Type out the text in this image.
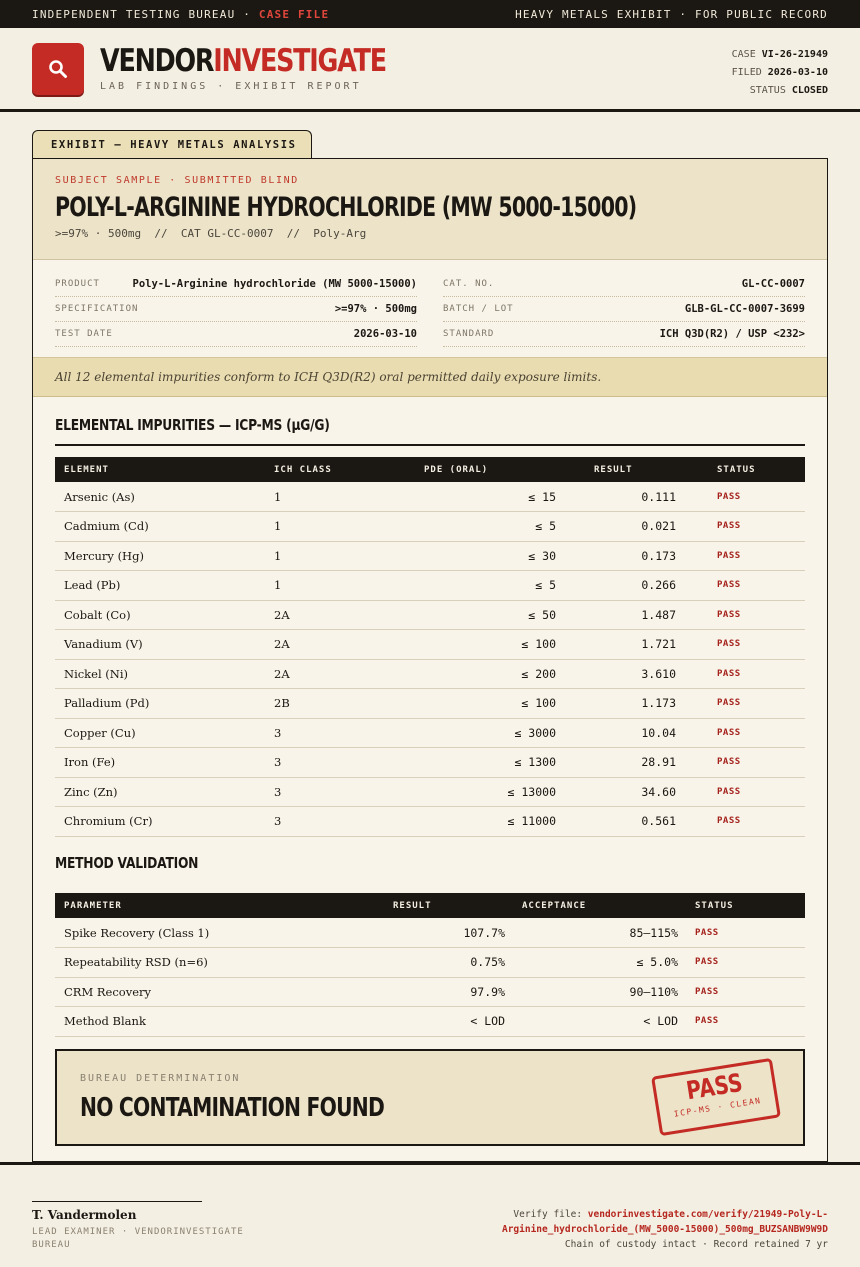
INDEPENDENT TESTING BUREAU · CASE FILE	HEAVY METALS EXHIBIT · FOR PUBLIC RECORD
VENDORINVESTIGATE
LAB FINDINGS · EXHIBIT REPORT
CASE VI-26-21949
FILED 2026-03-10
STATUS CLOSED
EXHIBIT — HEAVY METALS ANALYSIS
SUBJECT SAMPLE · SUBMITTED BLIND
POLY-L-ARGININE HYDROCHLORIDE (MW 5000-15000)
>=97% · 500mg  //  CAT GL-CC-0007  //  Poly-Arg
PRODUCT	Poly-L-Arginine hydrochloride (MW 5000-15000)
SPECIFICATION	>=97% · 500mg
TEST DATE	2026-03-10
CAT. NO.	GL-CC-0007
BATCH / LOT	GLB-GL-CC-0007-3699
STANDARD	ICH Q3D(R2) / USP <232>
All 12 elemental impurities conform to ICH Q3D(R2) oral permitted daily exposure limits.
ELEMENTAL IMPURITIES — ICP-MS (μG/G)
ELEMENT	ICH CLASS	PDE (ORAL)	RESULT	STATUS
Arsenic (As)	1	≤ 15	0.111	PASS
Cadmium (Cd)	1	≤ 5	0.021	PASS
Mercury (Hg)	1	≤ 30	0.173	PASS
Lead (Pb)	1	≤ 5	0.266	PASS
Cobalt (Co)	2A	≤ 50	1.487	PASS
Vanadium (V)	2A	≤ 100	1.721	PASS
Nickel (Ni)	2A	≤ 200	3.610	PASS
Palladium (Pd)	2B	≤ 100	1.173	PASS
Copper (Cu)	3	≤ 3000	10.04	PASS
Iron (Fe)	3	≤ 1300	28.91	PASS
Zinc (Zn)	3	≤ 13000	34.60	PASS
Chromium (Cr)	3	≤ 11000	0.561	PASS
METHOD VALIDATION
PARAMETER	RESULT	ACCEPTANCE	STATUS
Spike Recovery (Class 1)	107.7%	85–115%	PASS
Repeatability RSD (n=6)	0.75%	≤ 5.0%	PASS
CRM Recovery	97.9%	90–110%	PASS
Method Blank	< LOD	< LOD	PASS
BUREAU DETERMINATION
NO CONTAMINATION FOUND
PASS
ICP-MS · CLEAN
T. Vandermolen
LEAD EXAMINER · VENDORINVESTIGATE BUREAU
Verify file: vendorinvestigate.com/verify/21949-Poly-L-Arginine_hydrochloride_(MW_5000-15000)_500mg_BUZSANBW9W9D
Chain of custody intact · Record retained 7 yr
